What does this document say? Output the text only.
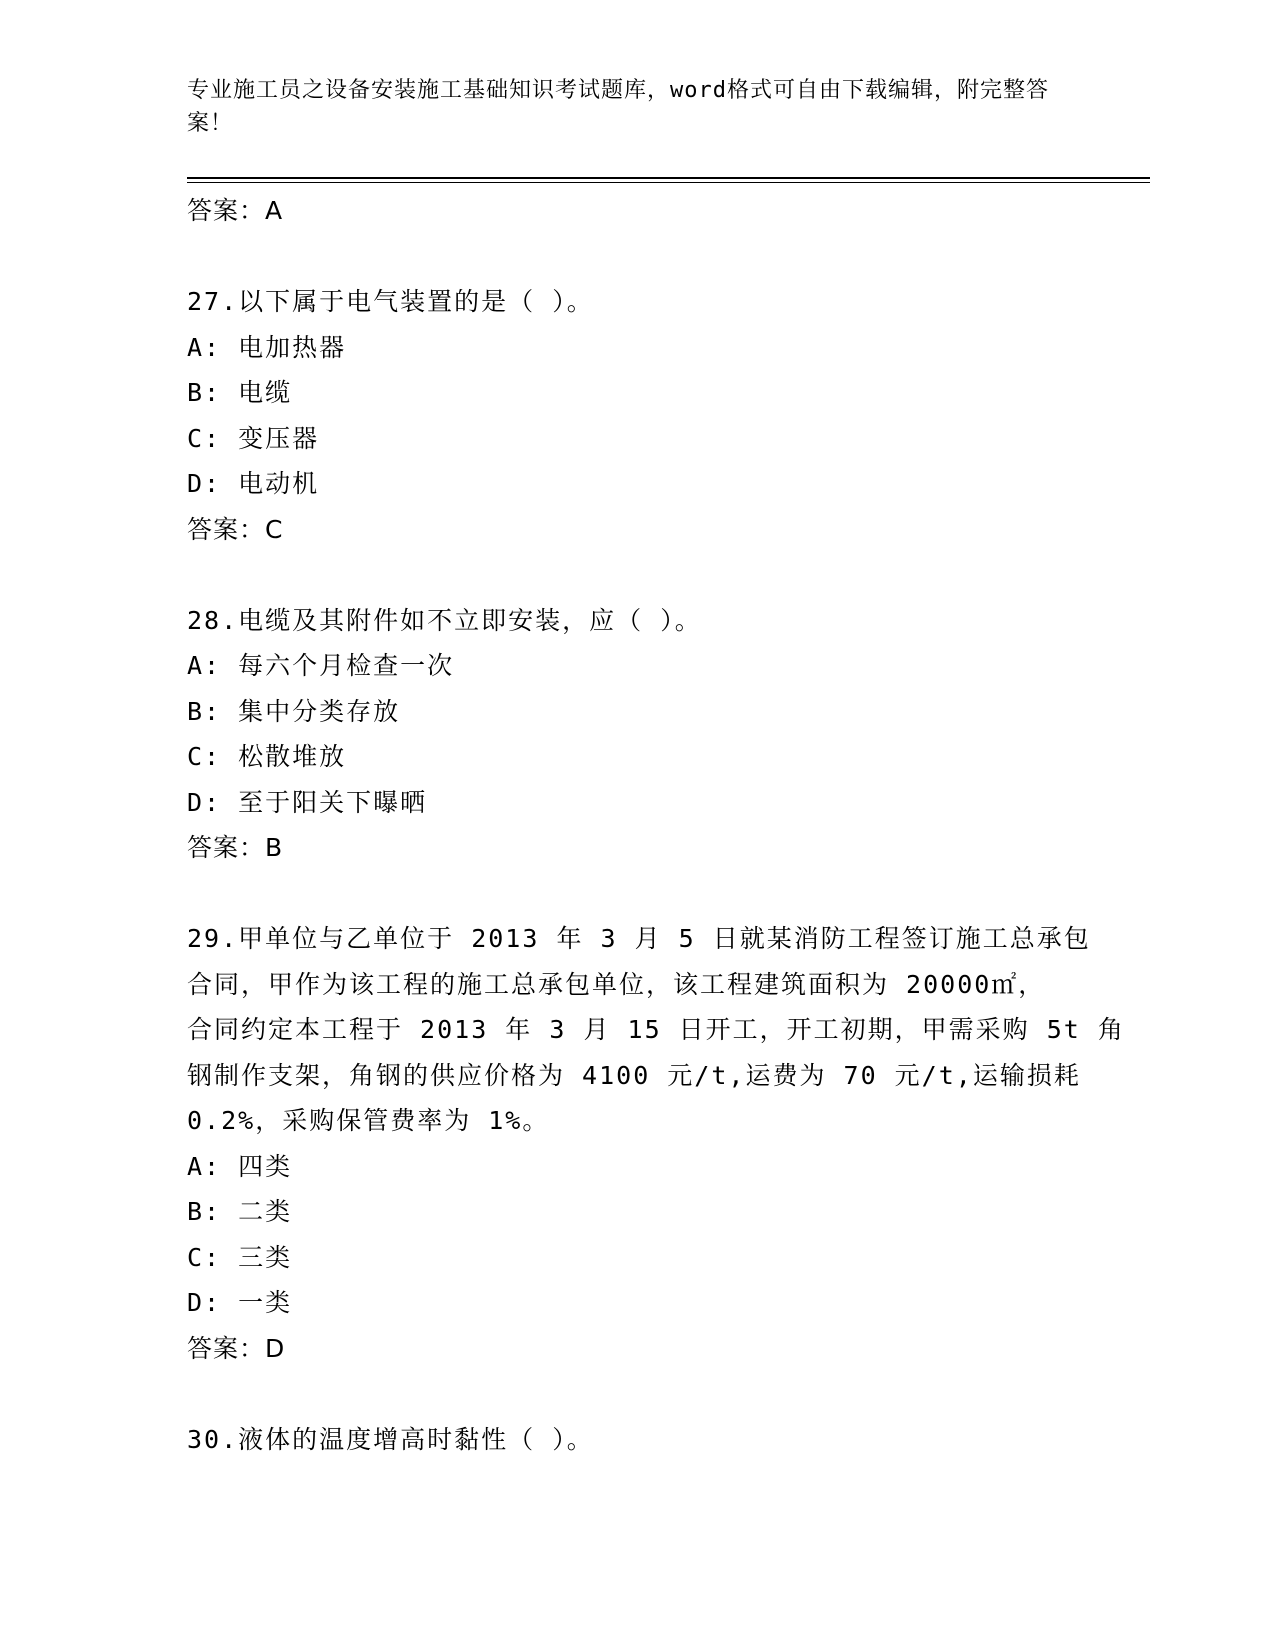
专业施工员之设备安装施工基础知识考试题库，word格式可自由下载编辑，附完整答案！
答案：A
27.以下属于电气装置的是（ ）。
A: 电加热器
B: 电缆
C: 变压器
D: 电动机
答案：C
28.电缆及其附件如不立即安装，应（ ）。
A: 每六个月检查一次
B: 集中分类存放
C: 松散堆放
D: 至于阳关下曝晒
答案：B
29.甲单位与乙单位于 2013 年 3 月 5 日就某消防工程签订施工总承包
合同，甲作为该工程的施工总承包单位，该工程建筑面积为 20000㎡，
合同约定本工程于 2013 年 3 月 15 日开工，开工初期，甲需采购 5t 角
钢制作支架，角钢的供应价格为 4100 元/t,运费为 70 元/t,运输损耗
0.2%，采购保管费率为 1%。
A: 四类
B: 二类
C: 三类
D: 一类
答案：D
30.液体的温度增高时黏性（ ）。
